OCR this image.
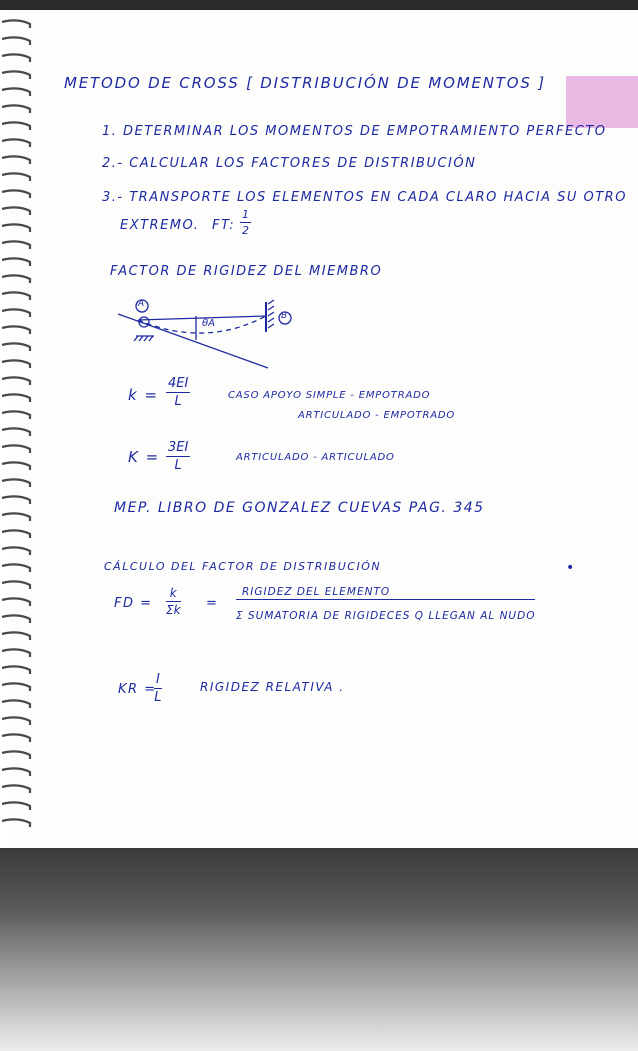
METODO DE CROSS [ DISTRIBUCIÓN DE MOMENTOS ]
1. DETERMINAR LOS MOMENTOS DE EMPOTRAMIENTO PERFECTO
2.- CALCULAR LOS FACTORES DE DISTRIBUCIÓN
3.- TRANSPORTE LOS ELEMENTOS EN CADA CLARO HACIA SU OTRO
EXTREMO. FT: $\frac{1}{2}$
FACTOR DE RIGIDEZ DEL MIEMBRO
A
B
θA
$k = \frac{4EI}{L}$	CASO APOYO SIMPLE - EMPOTRADO
ARTICULADO - EMPOTRADO
$K = \frac{3EI}{L}$	ARTICULADO - ARTICULADO
MEP. LIBRO DE GONZALEZ CUEVAS PAG. 345
CÁLCULO DEL FACTOR DE DISTRIBUCIÓN	•
FD = $\frac{k}{\Sigma k}$ =
RIGIDEZ DEL ELEMENTO
Σ SUMATORIA DE RIGIDECES Q LLEGAN AL NUDO
KR =
$\frac{I}{L}$	RIGIDEZ RELATIVA .
